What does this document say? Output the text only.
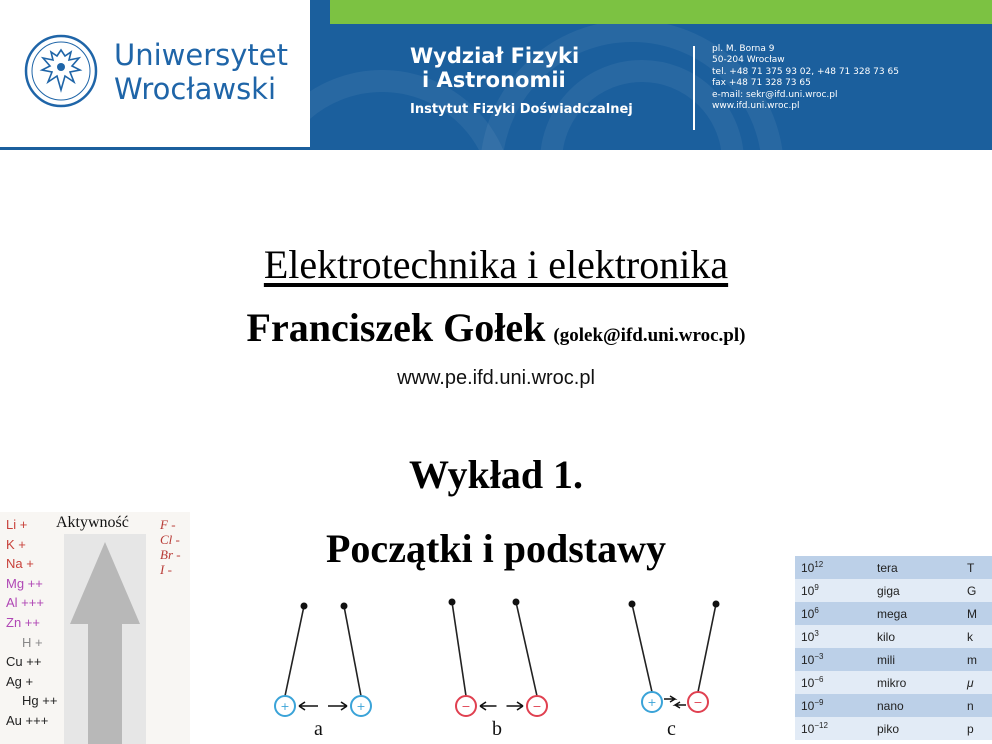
Uniwersytet
Wrocławski
Wydział Fizyki
i Astronomii
Instytut Fizyki Doświadczalnej
pl. M. Borna 9
50-204 Wrocław
tel. +48 71 375 93 02, +48 71 328 73 65
fax +48 71 328 73 65
e-mail: sekr@ifd.uni.wroc.pl
www.ifd.uni.wroc.pl
Elektrotechnika i elektronika
Franciszek Gołek (golek@ifd.uni.wroc.pl)
www.pe.ifd.uni.wroc.pl
Wykład 1.
Początki i podstawy
Aktywność
Li +
K +
Na +
Mg ++
Al +++
Zn ++
H +
Cu ++
Ag +
Hg ++
Au +++
F -
Cl -
Br -
I -
+	+	−	−	+	−
a	b	c
$10^{12}$	tera	T
$10^9$	giga	G
$10^6$	mega	M
$10^3$	kilo	k
$10^{-3}$	mili	m
$10^{-6}$	mikro	μ
$10^{-9}$	nano	n
$10^{-12}$	piko	p
